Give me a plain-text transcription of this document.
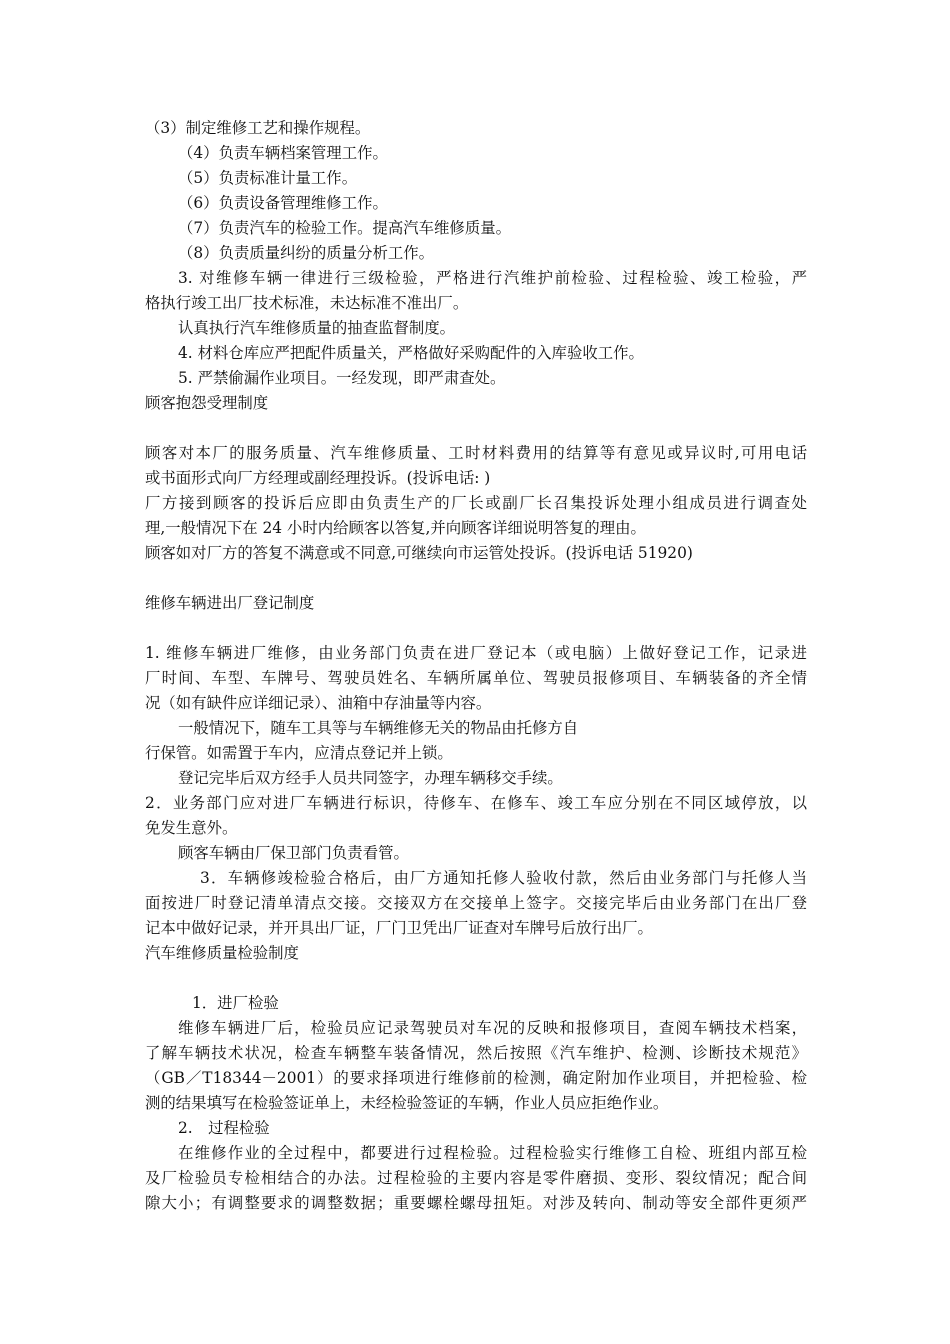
（3）制定维修工艺和操作规程。
（4）负责车辆档案管理工作。
（5）负责标准计量工作。
（6）负责设备管理维修工作。
（7）负责汽车的检验工作。提高汽车维修质量。
（8）负责质量纠纷的质量分析工作。
3. 对维修车辆一律进行三级检验，严格进行汽维护前检验、过程检验、竣工检验，严
格执行竣工出厂技术标准，未达标准不准出厂。
认真执行汽车维修质量的抽查监督制度。
4. 材料仓库应严把配件质量关，严格做好采购配件的入库验收工作。
5. 严禁偷漏作业项目。一经发现，即严肃查处。
顾客抱怨受理制度
顾客对本厂的服务质量、汽车维修质量、工时材料费用的结算等有意见或异议时,可用电话
或书面形式向厂方经理或副经理投诉。(投诉电话: )
厂方接到顾客的投诉后应即由负责生产的厂长或副厂长召集投诉处理小组成员进行调查处
理,一般情况下在 24 小时内给顾客以答复,并向顾客详细说明答复的理由。
顾客如对厂方的答复不满意或不同意,可继续向市运管处投诉。(投诉电话 51920)
维修车辆进出厂登记制度
1. 维修车辆进厂维修，由业务部门负责在进厂登记本（或电脑）上做好登记工作，记录进
厂时间、车型、车牌号、驾驶员姓名、车辆所属单位、驾驶员报修项目、车辆装备的齐全情
况（如有缺件应详细记录）、油箱中存油量等内容。
一般情况下，随车工具等与车辆维修无关的物品由托修方自
行保管。如需置于车内，应清点登记并上锁。
登记完毕后双方经手人员共同签字，办理车辆移交手续。
2．业务部门应对进厂车辆进行标识，待修车、在修车、竣工车应分别在不同区域停放，以
免发生意外。
顾客车辆由厂保卫部门负责看管。
3．车辆修竣检验合格后，由厂方通知托修人验收付款，然后由业务部门与托修人当
面按进厂时登记清单清点交接。交接双方在交接单上签字。交接完毕后由业务部门在出厂登
记本中做好记录，并开具出厂证，厂门卫凭出厂证查对车牌号后放行出厂。
汽车维修质量检验制度
1．进厂检验
维修车辆进厂后，检验员应记录驾驶员对车况的反映和报修项目，查阅车辆技术档案，
了解车辆技术状况，检查车辆整车装备情况，然后按照《汽车维护、检测、诊断技术规范》
（GB／T18344－2001）的要求择项进行维修前的检测，确定附加作业项目，并把检验、检
测的结果填写在检验签证单上，未经检验签证的车辆，作业人员应拒绝作业。
2.　过程检验
在维修作业的全过程中，都要进行过程检验。过程检验实行维修工自检、班组内部互检
及厂检验员专检相结合的办法。过程检验的主要内容是零件磨损、变形、裂纹情况；配合间
隙大小；有调整要求的调整数据；重要螺栓螺母扭矩。对涉及转向、制动等安全部件更须严
